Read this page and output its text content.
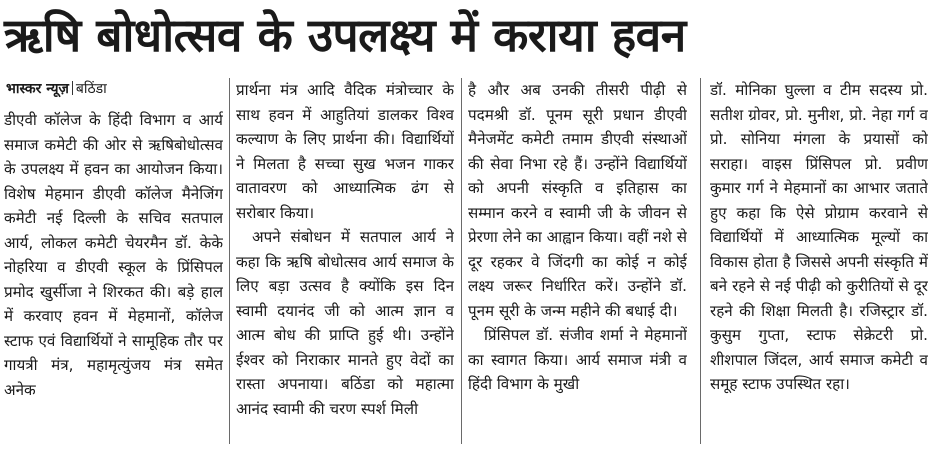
ऋषि बोधोत्सव के उपलक्ष्य में कराया हवन
भास्कर न्यूज़ बठिंडा

डीएवी कॉलेज के हिंदी विभाग व आर्य समाज कमेटी की ओर से ऋषिबोधोत्सव के उपलक्ष्य में हवन का आयोजन किया। विशेष मेहमान डीएवी कॉलेज मैनेजिंग कमेटी नई दिल्ली के सचिव सतपाल आर्य, लोकल कमेटी चेयरमैन डॉ. केके नोहरिया व डीएवी स्कूल के प्रिंसिपल प्रमोद खुर्सीजा ने शिरकत की। बड़े हाल में करवाए हवन में मेहमानों, कॉलेज स्टाफ एवं विद्यार्थियों ने सामूहिक तौर पर गायत्री मंत्र, महामृत्युंजय मंत्र समेत अनेक

प्रार्थना मंत्र आदि वैदिक मंत्रोच्चार के साथ हवन में आहुतियां डालकर विश्व कल्याण के लिए प्रार्थना की। विद्यार्थियों ने मिलता है सच्चा सुख भजन गाकर वातावरण को आध्यात्मिक ढंग से सरोबार किया।

अपने संबोधन में सतपाल आर्य ने कहा कि ऋषि बोधोत्सव आर्य समाज के लिए बड़ा उत्सव है क्योंकि इस दिन स्वामी दयानंद जी को आत्म ज्ञान व आत्म बोध की प्राप्ति हुई थी। उन्होंने ईश्वर को निराकार मानते हुए वेदों का रास्ता अपनाया। बठिंडा को महात्मा आनंद स्वामी की चरण स्पर्श मिली

है और अब उनकी तीसरी पीढ़ी से पदमश्री डॉ. पूनम सूरी प्रधान डीएवी मैनेजमेंट कमेटी तमाम डीएवी संस्थाओं की सेवा निभा रहे हैं। उन्होंने विद्यार्थियों को अपनी संस्कृति व इतिहास का सम्मान करने व स्वामी जी के जीवन से प्रेरणा लेने का आह्वान किया। वहीं नशे से दूर रहकर वे जिंदगी का कोई न कोई लक्ष्य जरूर निर्धारित करें। उन्होंने डॉ. पूनम सूरी के जन्म महीने की बधाई दी।

प्रिंसिपल डॉ. संजीव शर्मा ने मेहमानों का स्वागत किया। आर्य समाज मंत्री व हिंदी विभाग के मुखी

डॉ. मोनिका घुल्ला व टीम सदस्य प्रो. सतीश ग्रोवर, प्रो. मुनीश, प्रो. नेहा गर्ग व प्रो. सोनिया मंगला के प्रयासों को सराहा। वाइस प्रिंसिपल प्रो. प्रवीण कुमार गर्ग ने मेहमानों का आभार जताते हुए कहा कि ऐसे प्रोग्राम करवाने से विद्यार्थियों में आध्यात्मिक मूल्यों का विकास होता है जिससे अपनी संस्कृति में बने रहने से नई पीढ़ी को कुरीतियों से दूर रहने की शिक्षा मिलती है। रजिस्ट्रार डॉ. कुसुम गुप्ता, स्टाफ सेक्रेटरी प्रो. शीशपाल जिंदल, आर्य समाज कमेटी व समूह स्टाफ उपस्थित रहा।
